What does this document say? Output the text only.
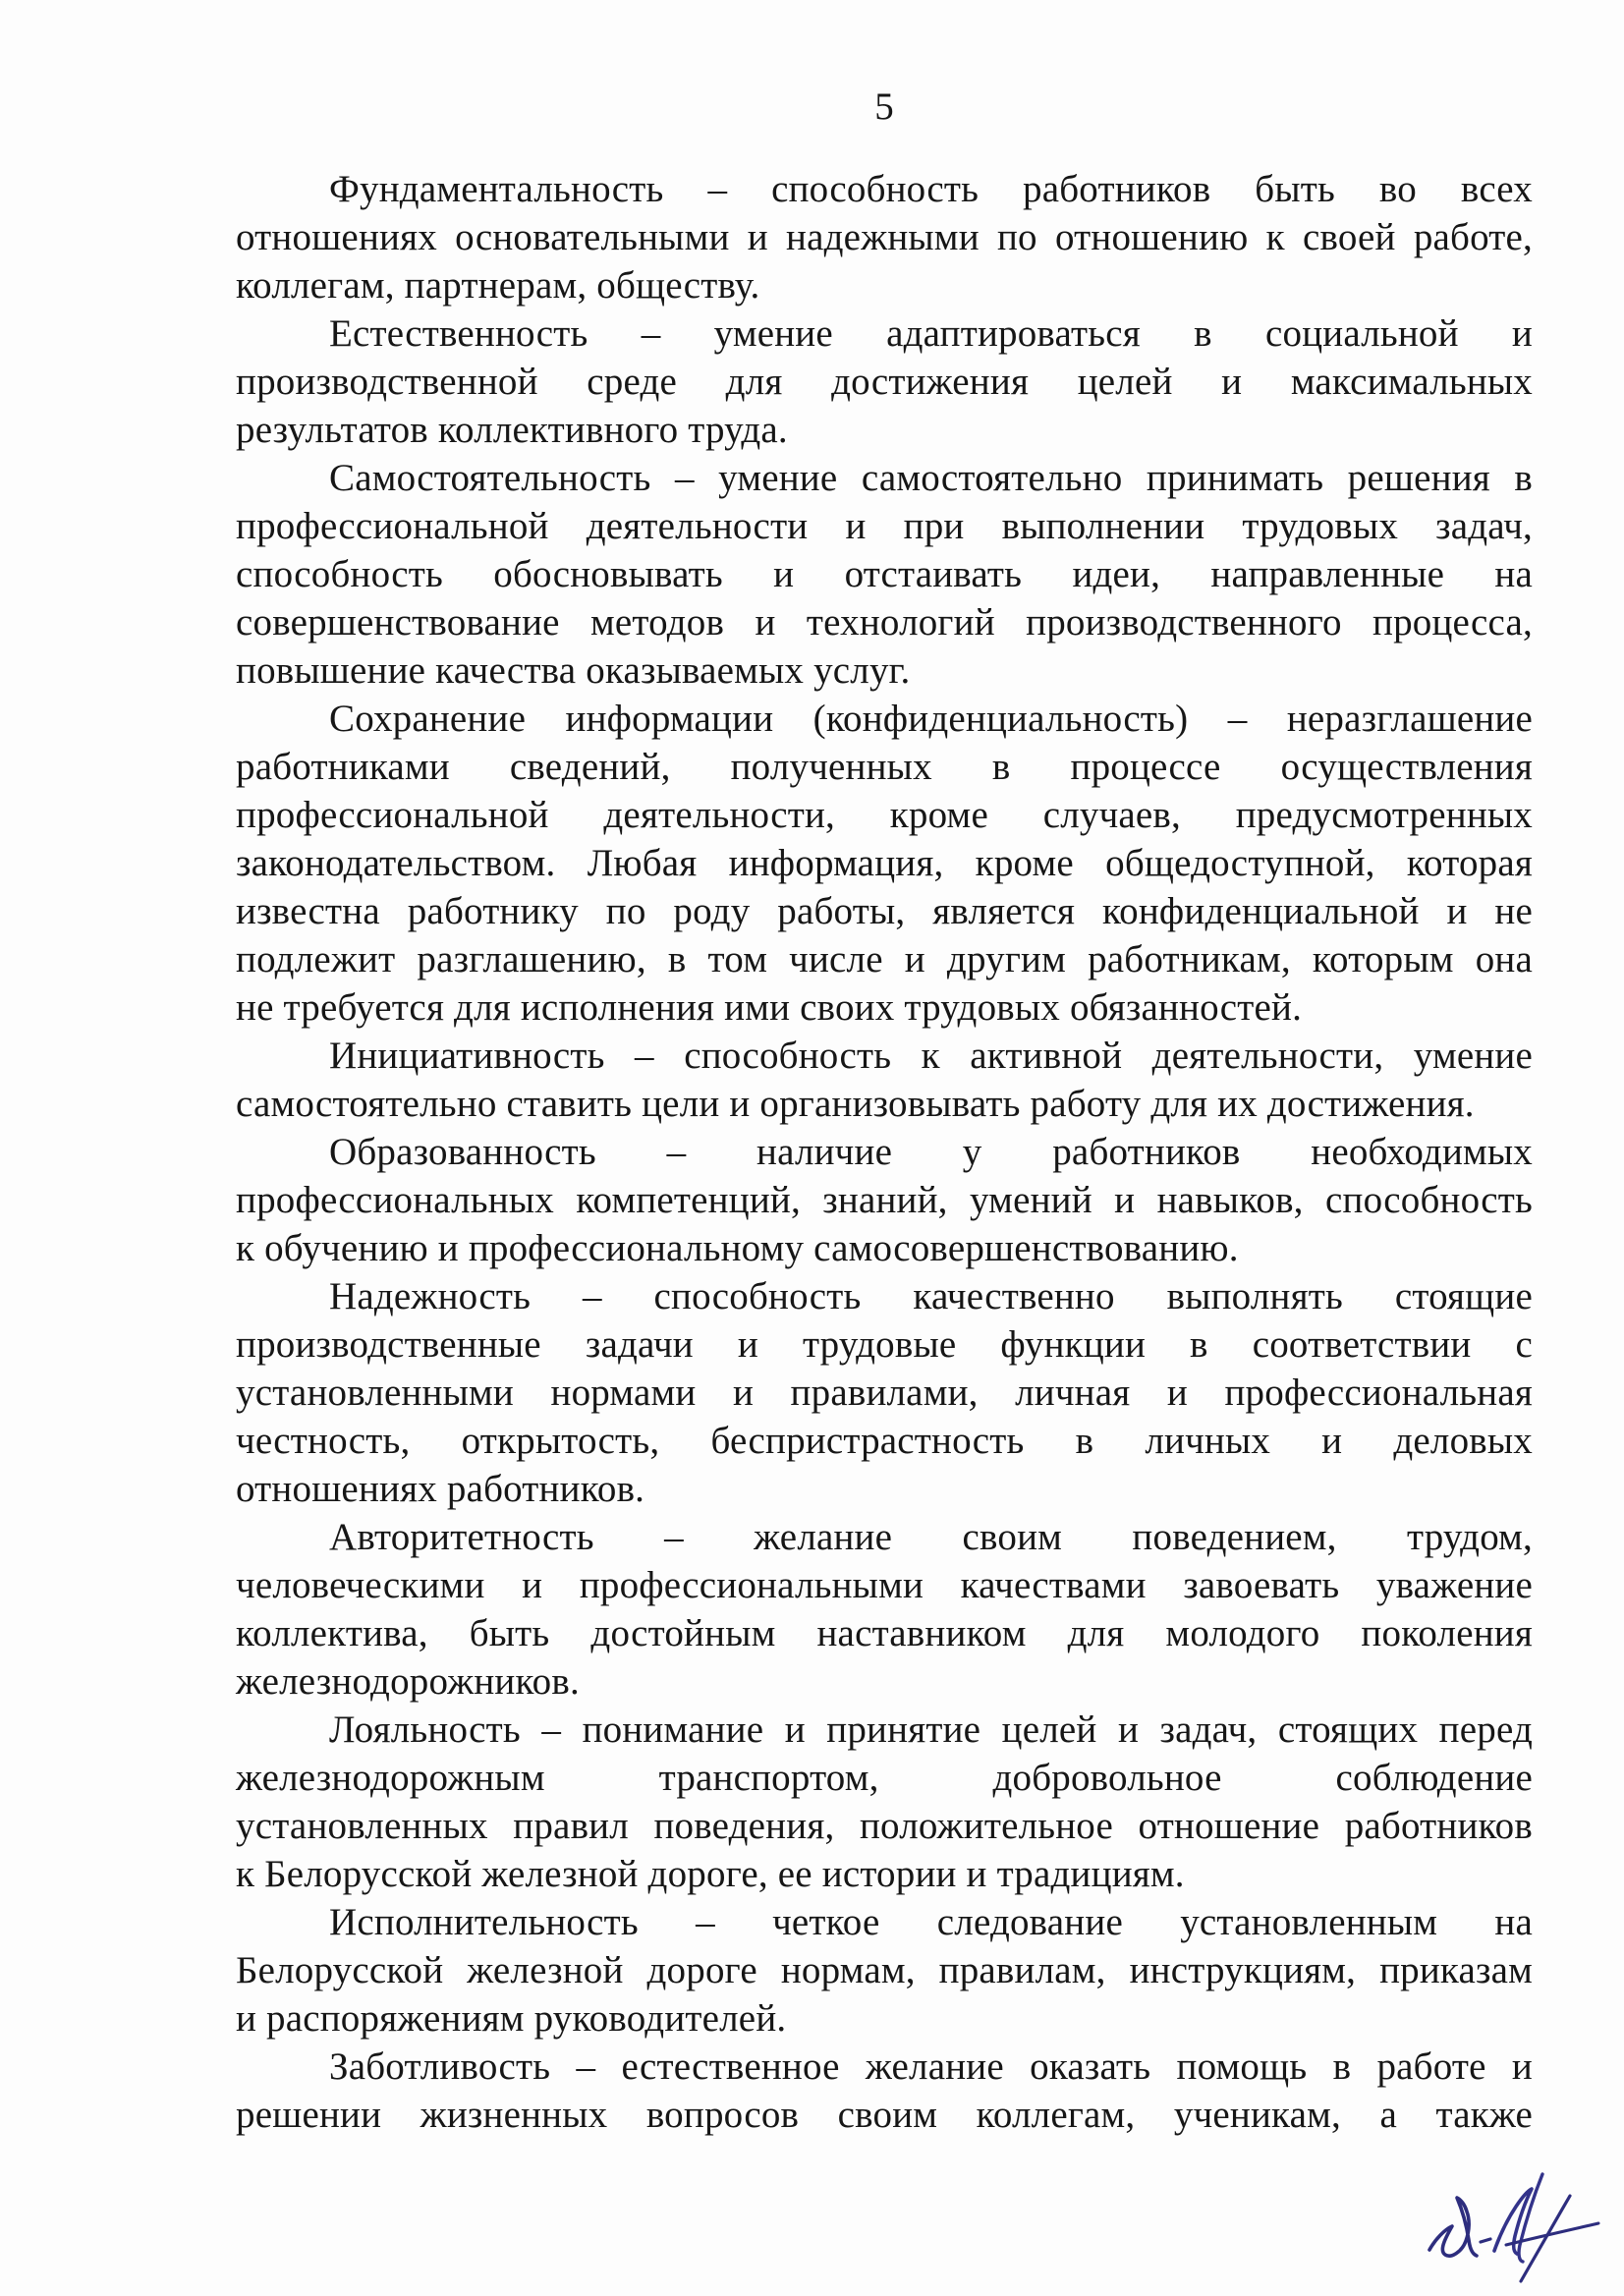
5
Фундаментальность – способность работников быть во всех
отношениях основательными и надежными по отношению к своей работе,
коллегам, партнерам, обществу.
Естественность – умение адаптироваться в социальной и
производственной среде для достижения целей и максимальных
результатов коллективного труда.
Самостоятельность – умение самостоятельно принимать решения в
профессиональной деятельности и при выполнении трудовых задач,
способность обосновывать и отстаивать идеи, направленные на
совершенствование методов и технологий производственного процесса,
повышение качества оказываемых услуг.
Сохранение информации (конфиденциальность) – неразглашение
работниками сведений, полученных в процессе осуществления
профессиональной деятельности, кроме случаев, предусмотренных
законодательством. Любая информация, кроме общедоступной, которая
известна работнику по роду работы, является конфиденциальной и не
подлежит разглашению, в том числе и другим работникам, которым она
не требуется для исполнения ими своих трудовых обязанностей.
Инициативность – способность к активной деятельности, умение
самостоятельно ставить цели и организовывать работу для их достижения.
Образованность – наличие у работников необходимых
профессиональных компетенций, знаний, умений и навыков, способность
к обучению и профессиональному самосовершенствованию.
Надежность – способность качественно выполнять стоящие
производственные задачи и трудовые функции в соответствии с
установленными нормами и правилами, личная и профессиональная
честность, открытость, беспристрастность в личных и деловых
отношениях работников.
Авторитетность – желание своим поведением, трудом,
человеческими и профессиональными качествами завоевать уважение
коллектива, быть достойным наставником для молодого поколения
железнодорожников.
Лояльность – понимание и принятие целей и задач, стоящих перед
железнодорожным транспортом, добровольное соблюдение
установленных правил поведения, положительное отношение работников
к Белорусской железной дороге, ее истории и традициям.
Исполнительность – четкое следование установленным на
Белорусской железной дороге нормам, правилам, инструкциям, приказам
и распоряжениям руководителей.
Заботливость – естественное желание оказать помощь в работе и
решении жизненных вопросов своим коллегам, ученикам, а также
